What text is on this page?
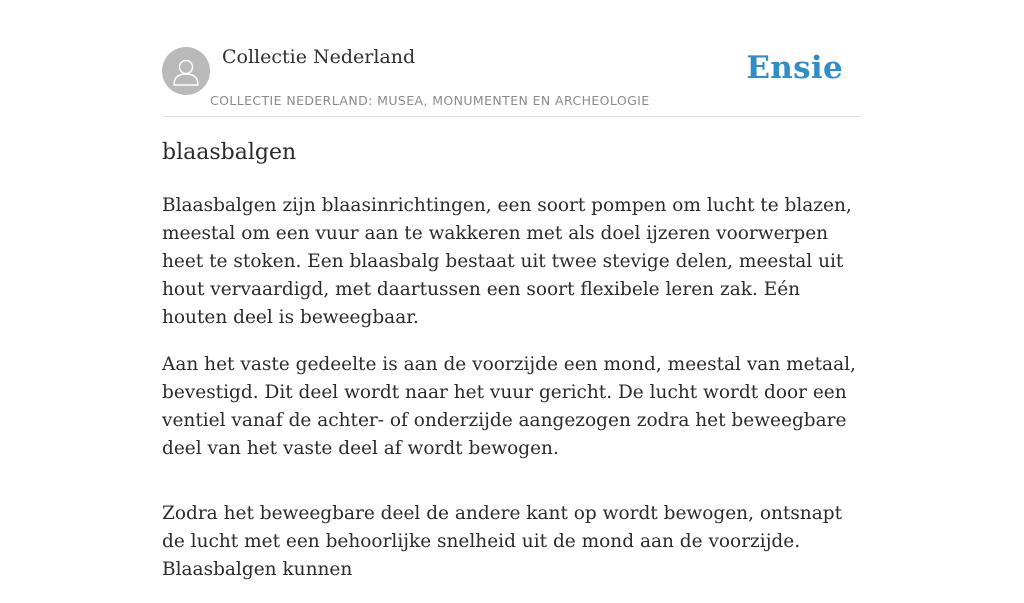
Collectie Nederland
COLLECTIE NEDERLAND: MUSEA, MONUMENTEN EN ARCHEOLOGIE
Ensie
blaasbalgen

Blaasbalgen zijn blaasinrichtingen, een soort pompen om lucht te blazen, meestal om een vuur aan te wakkeren met als doel ijzeren voorwerpen heet te stoken. Een blaasbalg bestaat uit twee stevige delen, meestal uit hout vervaardigd, met daartussen een soort flexibele leren zak. Eén houten deel is beweegbaar.

Aan het vaste gedeelte is aan de voorzijde een mond, meestal van metaal, bevestigd. Dit deel wordt naar het vuur gericht. De lucht wordt door een ventiel vanaf de achter- of onderzijde aangezogen zodra het beweegbare deel van het vaste deel af wordt bewogen.

Zodra het beweegbare deel de andere kant op wordt bewogen, ontsnapt de lucht met een behoorlijke snelheid uit de mond aan de voorzijde. Blaasbalgen kunnen
